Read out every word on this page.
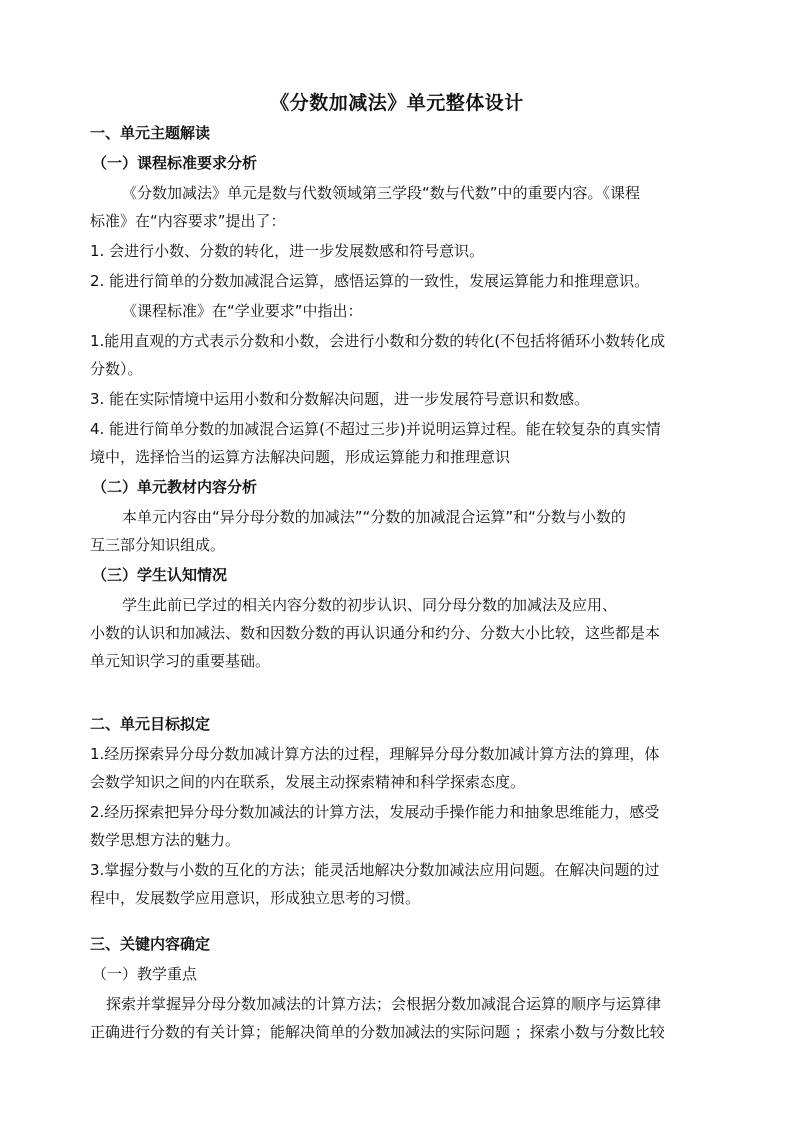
《分数加减法》单元整体设计
一、单元主题解读
（一）课程标准要求分析
《分数加减法》单元是数与代数领域第三学段“数与代数”中的重要内容。《课程
标准》在“内容要求”提出了：
1. 会进行小数、分数的转化，进一步发展数感和符号意识。
2. 能进行简单的分数加减混合运算，感悟运算的一致性，发展运算能力和推理意识。
《课程标准》在“学业要求”中指出：
1.能用直观的方式表示分数和小数，会进行小数和分数的转化(不包括将循环小数转化成
分数）。
3. 能在实际情境中运用小数和分数解决问题，进一步发展符号意识和数感。
4. 能进行简单分数的加减混合运算(不超过三步)并说明运算过程。能在较复杂的真实情
境中，选择恰当的运算方法解决问题，形成运算能力和推理意识
（二）单元教材内容分析
本单元内容由“异分母分数的加减法”“分数的加减混合运算”和“分数与小数的
互三部分知识组成。
（三）学生认知情况
学生此前已学过的相关内容分数的初步认识、同分母分数的加减法及应用、
小数的认识和加减法、数和因数分数的再认识通分和约分、分数大小比较，这些都是本
单元知识学习的重要基础。
二、单元目标拟定
1.经历探索异分母分数加减计算方法的过程，理解异分母分数加减计算方法的算理，体
会数学知识之间的内在联系，发展主动探索精神和科学探索态度。
2.经历探索把异分母分数加减法的计算方法，发展动手操作能力和抽象思维能力，感受
数学思想方法的魅力。
3.掌握分数与小数的互化的方法；能灵活地解决分数加减法应用问题。在解决问题的过
程中，发展数学应用意识，形成独立思考的习惯。
三、关键内容确定
（一）教学重点
探索并掌握异分母分数加减法的计算方法；会根据分数加减混合运算的顺序与运算律
正确进行分数的有关计算；能解决简单的分数加减法的实际问题 ；探索小数与分数比较
